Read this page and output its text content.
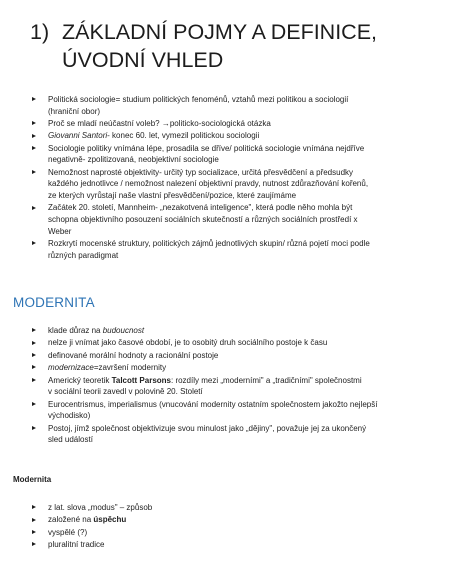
1) ZÁKLADNÍ POJMY A DEFINICE,
ÚVODNÍ VHLED
Politická sociologie= studium politických fenoménů, vztahů mezi politikou a sociologií
(hraniční obor)
Proč se mladí neúčastní voleb? →politicko-sociologická otázka
Giovanni Santori- konec 60. let, vymezil politickou sociologii
Sociologie politiky vnímána lépe, prosadila se dříve/ politická sociologie vnímána nejdříve
negativně- zpolitizovaná, neobjektivní sociologie
Nemožnost naprosté objektivity- určitý typ socializace, určitá přesvědčení a předsudky
každého jednotlivce / nemožnost nalezení objektivní pravdy, nutnost zdůrazňování kořenů,
ze kterých vyrůstají naše vlastní přesvědčení/pozice, které zaujímáme
Začátek 20. století, Mannheim- „nezakotvená inteligence", která podle něho mohla být
schopna objektivního posouzení sociálních skutečností a různých sociálních prostředí x
Weber
Rozkrytí mocenské struktury, politických zájmů jednotlivých skupin/ různá pojetí moci podle
různých paradigmat
MODERNITA
klade důraz na budoucnost
nelze ji vnímat jako časové období, je to osobitý druh sociálního postoje k času
definované morální hodnoty a racionální postoje
modernizace=završení modernity
Americký teoretik Talcott Parsons: rozdíly mezi „moderními" a „tradičními" společnostmi
v sociální teorii zavedl v polovině 20. Století
Eurocentrismus, imperialismus (vnucování modernity ostatním společnostem jakožto nejlepší
východisko)
Postoj, jímž společnost objektivizuje svou minulost jako „dějiny", považuje jej za ukončený
sled událostí
Modernita
z lat. slova „modus" – způsob
založené na úspěchu
vyspělé (?)
pluralitní tradice
